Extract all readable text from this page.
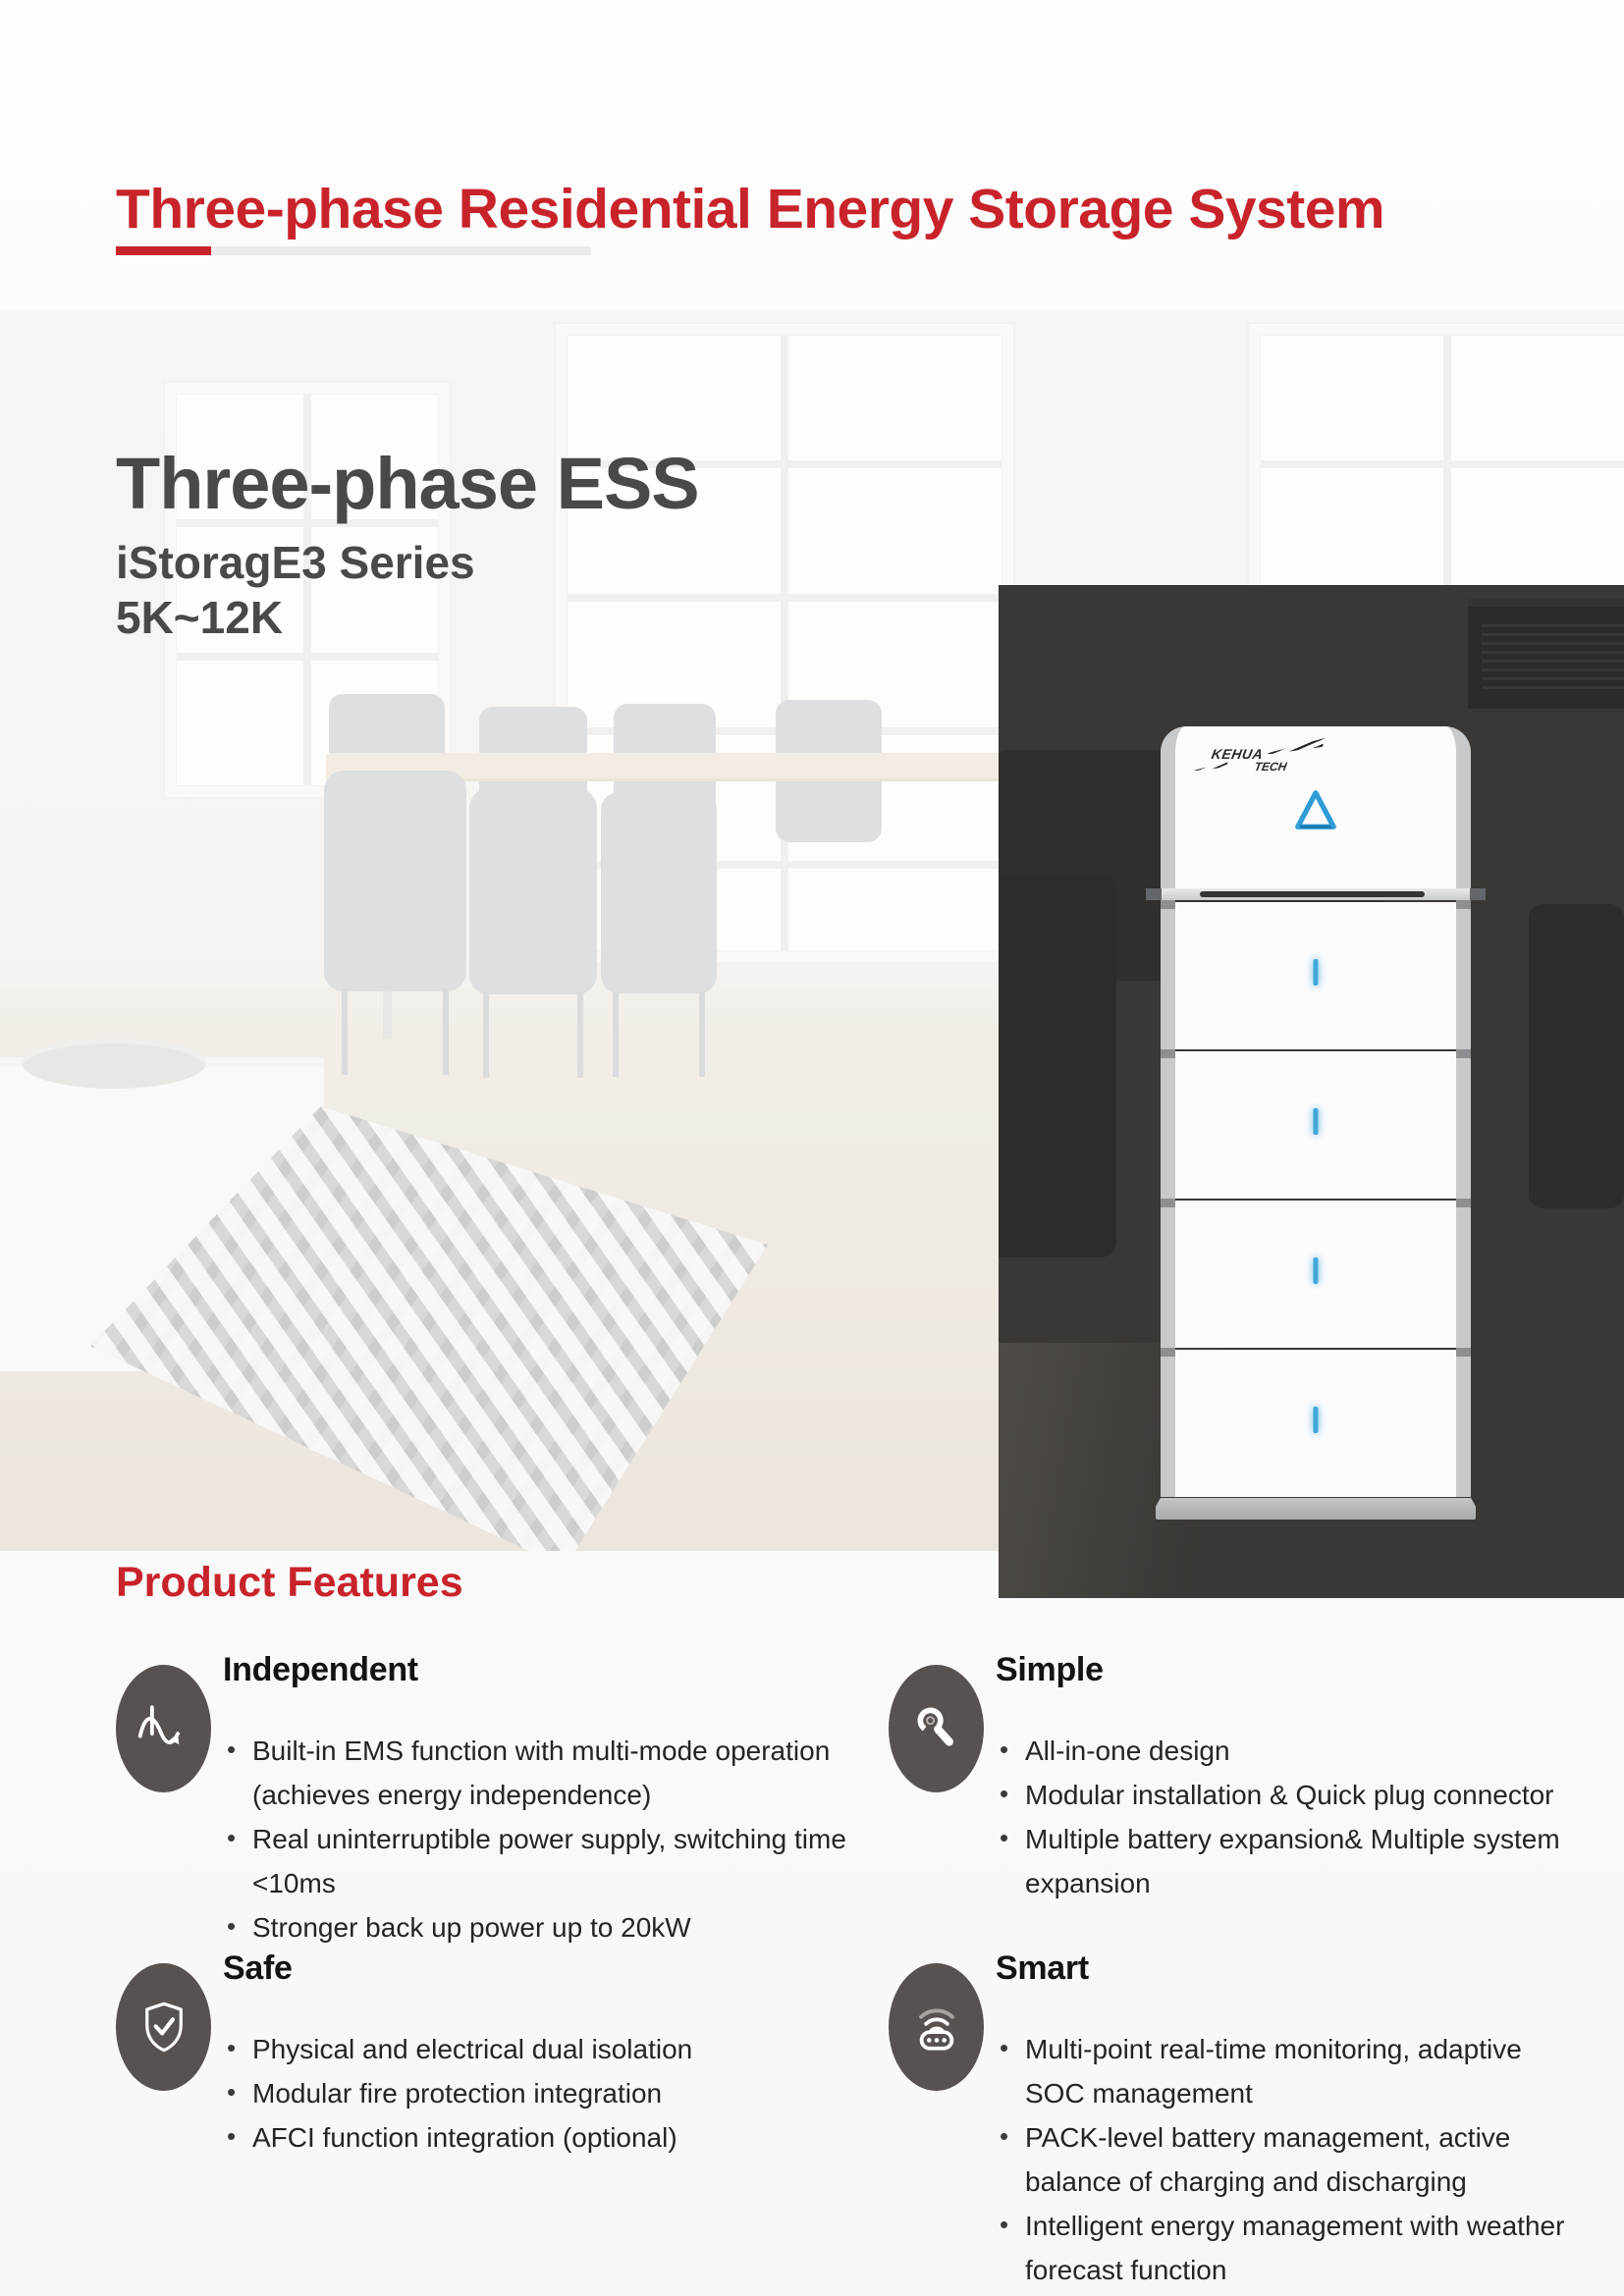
Three-phase Residential Energy Storage System
Three-phase ESS
iStoragE3 Series
5K~12K
KEHUA
TECH
Product Features
Independent
• Built-in EMS function with multi-mode operation
(achieves energy independence)
• Real uninterruptible power supply, switching time
<10ms
• Stronger back up power up to 20kW
Simple
• All-in-one design
• Modular installation & Quick plug connector
• Multiple battery expansion& Multiple system
expansion
Safe
• Physical and electrical dual isolation
• Modular fire protection integration
• AFCI function integration (optional)
Smart
• Multi-point real-time monitoring, adaptive
SOC management
• PACK-level battery management, active
balance of charging and discharging
• Intelligent energy management with weather
forecast function
